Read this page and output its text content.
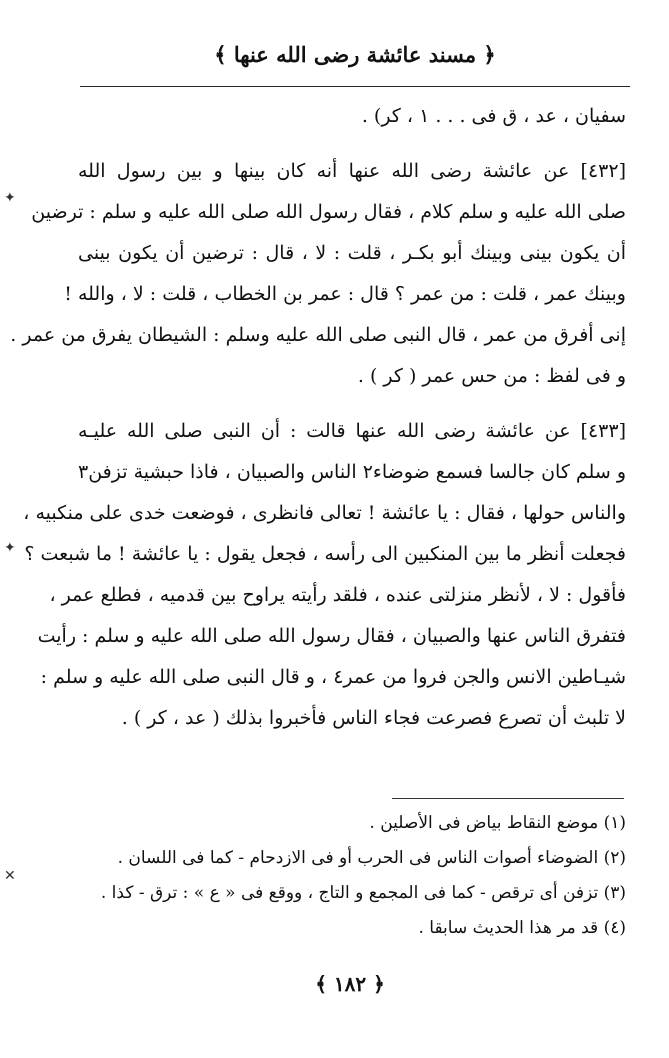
﴿ مسند عائشة رضى الله عنها ﴾
سفيان ، عد ، ق فى . . . ١ ، كر) .
[٤٣٢] عن عائشة رضى الله عنها أنه كان بينها و بين رسول الله
صلى الله عليه و سلم كلام ، فقال رسول الله صلى الله عليه و سلم : ترضين
أن يكون بينى وبينك أبو بكـر ، قلت : لا ، قال : ترضين أن يكون بينى
وبينك عمر ، قلت : من عمر ؟ قال : عمر بن الخطاب ، قلت : لا ، والله !
إنى أفرق من عمر ، قال النبى صلى الله عليه وسلم : الشيطان يفرق من عمر .
و فى لفظ : من حس عمر ( كر ) .
[٤٣٣] عن عائشة رضى الله عنها قالت : أن النبى صلى الله عليـه
و سلم كان جالسا فسمع ضوضاء٢ الناس والصبيان ، فاذا حبشية تزفن٣
والناس حولها ، فقال : يا عائشة ! تعالى فانظرى ، فوضعت خدى على منكبيه ،
فجعلت أنظر ما بين المنكبين الى رأسه ، فجعل يقول : يا عائشة ! ما شبعت ؟
فأقول : لا ، لأنظر منزلتى عنده ، فلقد رأيته يراوح بين قدميه ، فطلع عمر ،
فتفرق الناس عنها والصبيان ، فقال رسول الله صلى الله عليه و سلم : رأيت
شيـاطين الانس والجن فروا من عمر٤ ، و قال النبى صلى الله عليه و سلم :
لا تلبث أن تصرع فصرعت فجاء الناس فأخبروا بذلك ( عد ، كر ) .
(١) موضع النقاط بياض فى الأصلين .
(٢) الضوضاء أصوات الناس فى الحرب أو فى الازدحام - كما فى اللسان .
(٣) تزفن أى ترقص - كما فى المجمع و التاج ، ووقع فى « ع » : ترق - كذا .
(٤) قد مر هذا الحديث سابقا .
﴿ ١٨٢ ﴾
✦
✦
✕
